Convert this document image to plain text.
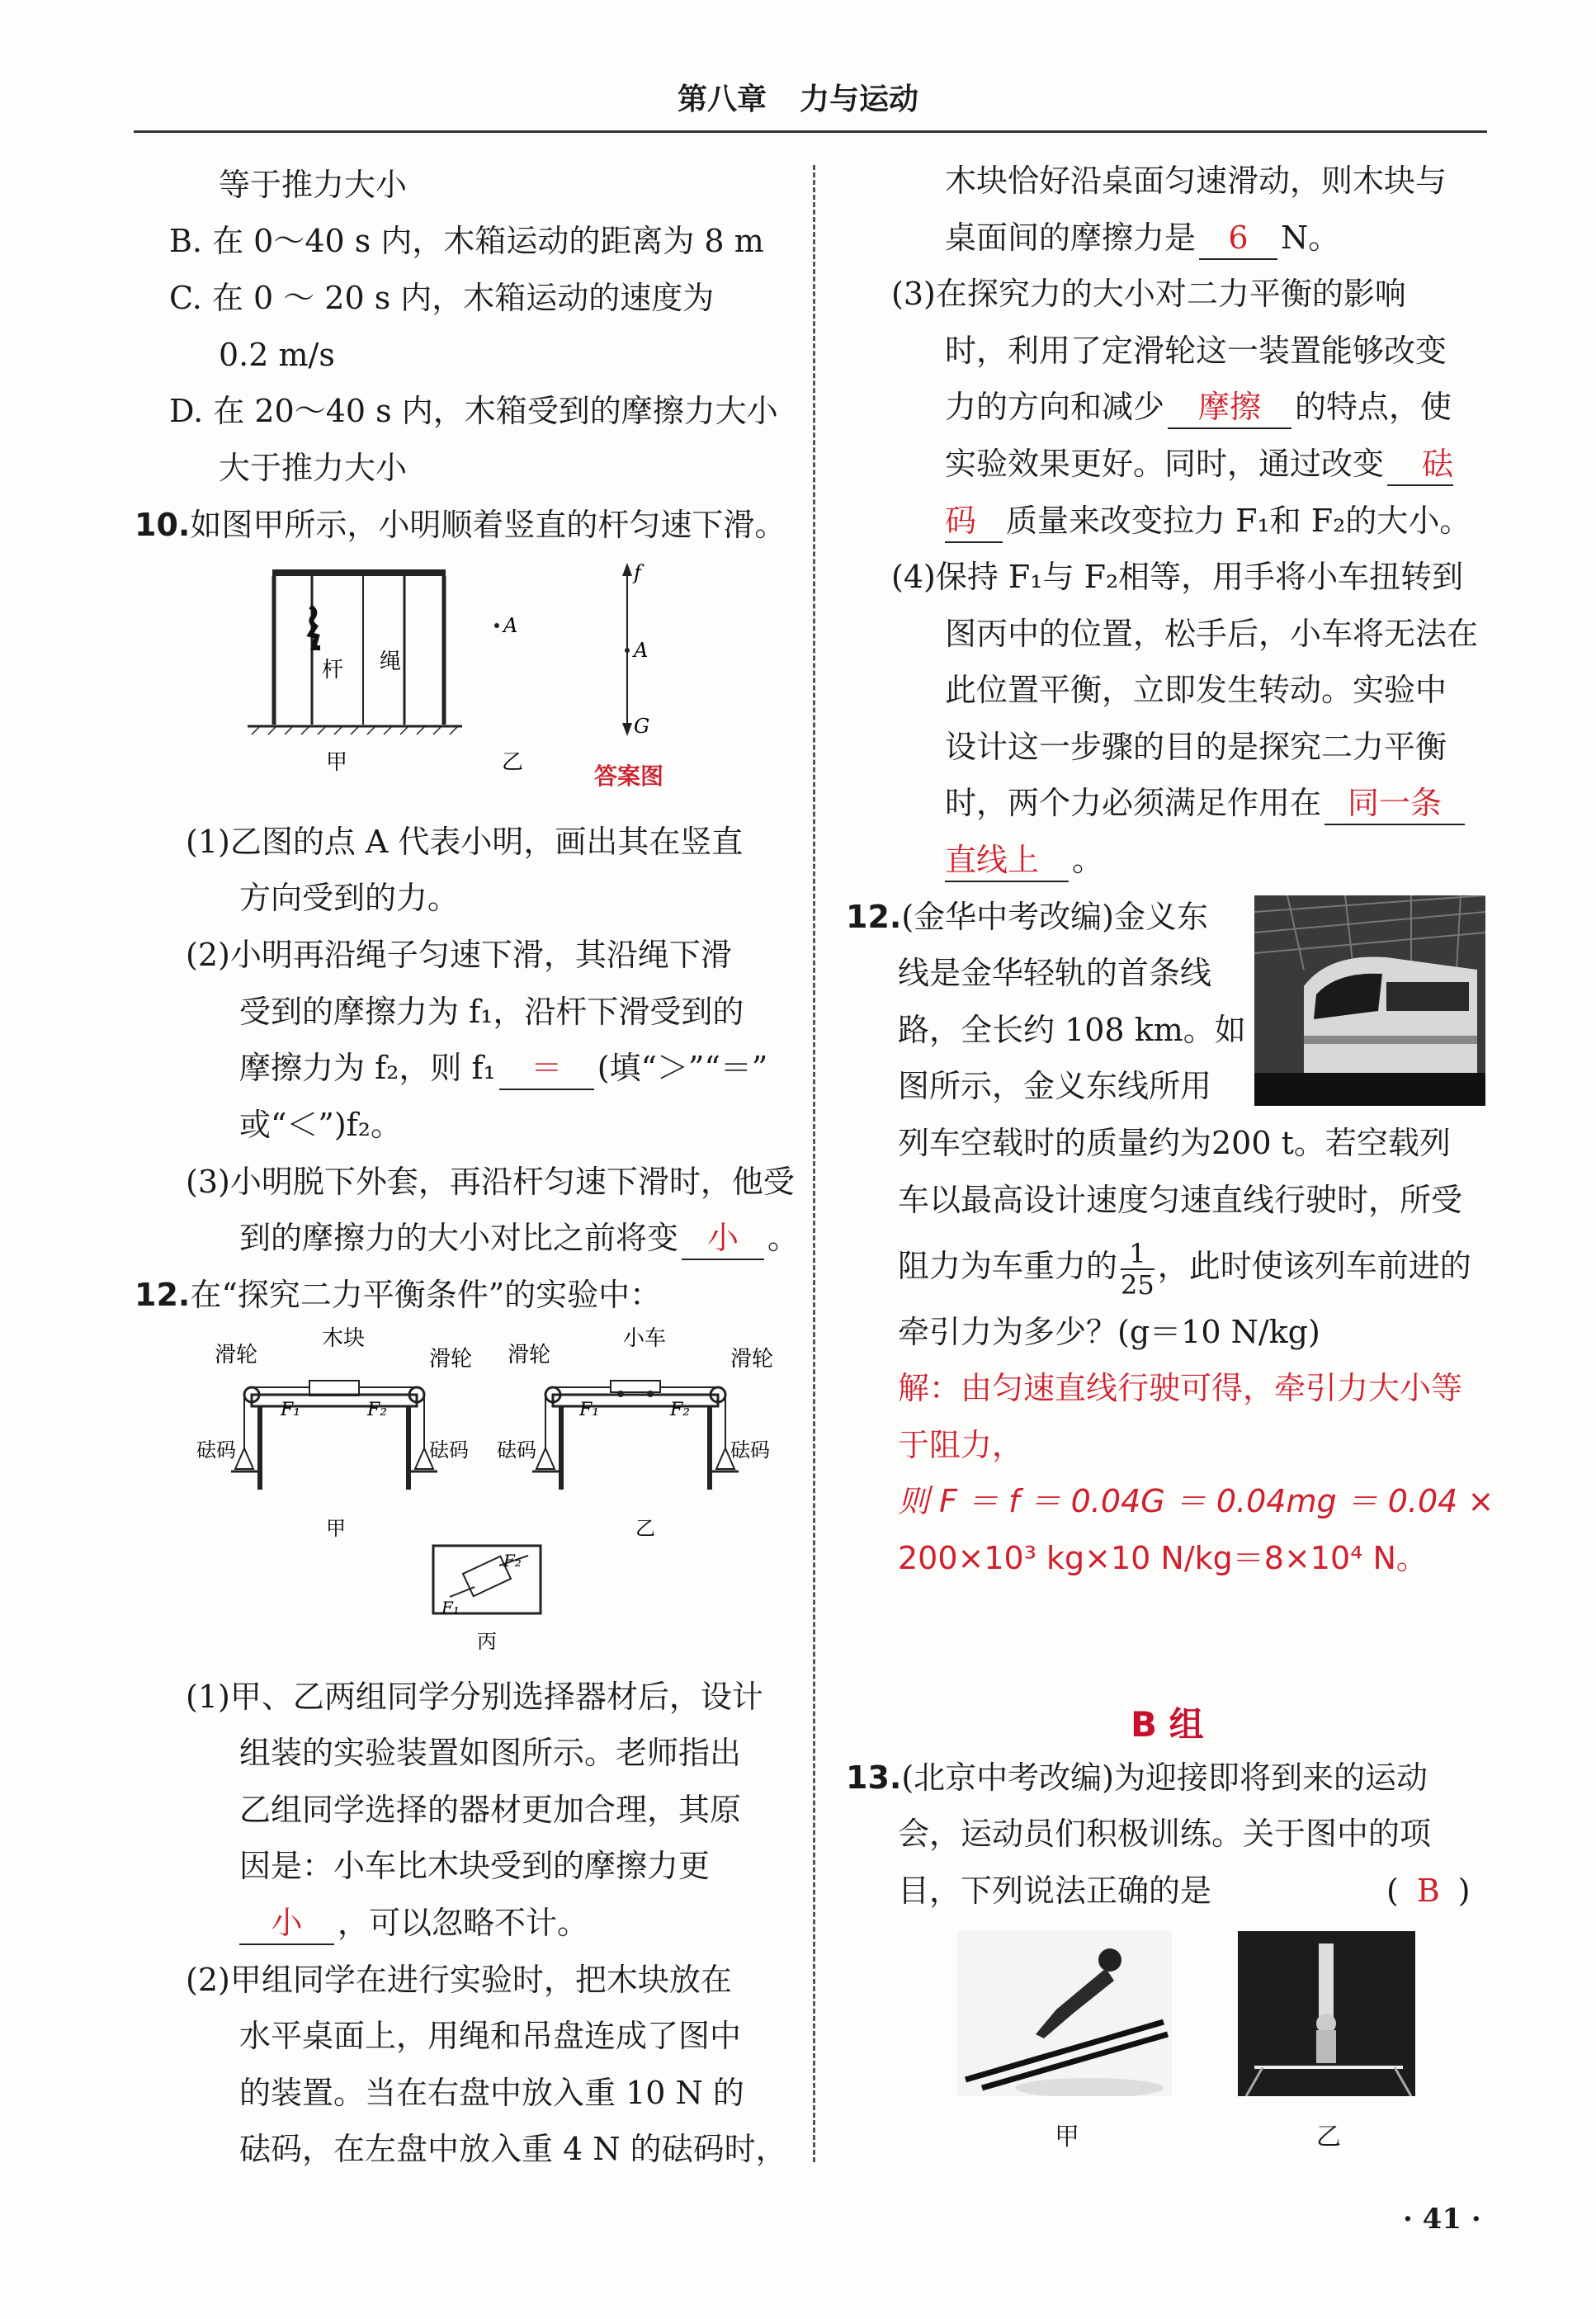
第八章 力与运动
等于推力大小
B. 在 0～40 s 内，木箱运动的距离为 8 m
C. 在 0 ～ 20 s 内，木箱运动的速度为
0.2 m/s
D. 在 20～40 s 内，木箱受到的摩擦力大小
大于推力大小
10.如图甲所示，小明顺着竖直的杆匀速下滑。
杆 绳
A
f
A
G
甲	乙	答案图
(1)乙图的点 A 代表小明，画出其在竖直
方向受到的力。
(2)小明再沿绳子匀速下滑，其沿绳下滑
受到的摩擦力为 f₁，沿杆下滑受到的
摩擦力为 f₂，则 f₁ ＝ (填“＞”“＝”
或“＜”)f₂。
(3)小明脱下外套，再沿杆匀速下滑时，他受
到的摩擦力的大小对比之前将变 小 。
12.在“探究二力平衡条件”的实验中：
滑轮
木块
滑轮
F₁	F₂
砝码	砝码
甲
滑轮
小车
滑轮
F₁	F₂
砝码	砝码
乙
F₁
F₂
丙
(1)甲、乙两组同学分别选择器材后，设计
组装的实验装置如图所示。老师指出
乙组同学选择的器材更加合理，其原
因是：小车比木块受到的摩擦力更
小 ，可以忽略不计。
(2)甲组同学在进行实验时，把木块放在
水平桌面上，用绳和吊盘连成了图中
的装置。当在右盘中放入重 10 N 的
砝码，在左盘中放入重 4 N 的砝码时，
木块恰好沿桌面匀速滑动，则木块与
桌面间的摩擦力是 6 N。
(3)在探究力的大小对二力平衡的影响
时，利用了定滑轮这一装置能够改变
力的方向和减少 摩擦 的特点，使
实验效果更好。同时，通过改变 砝
码 质量来改变拉力 F₁和 F₂的大小。
(4)保持 F₁与 F₂相等，用手将小车扭转到
图丙中的位置，松手后，小车将无法在
此位置平衡，立即发生转动。实验中
设计这一步骤的目的是探究二力平衡
时，两个力必须满足作用在 同一条
直线上 。
12.(金华中考改编)金义东
线是金华轻轨的首条线
路，全长约 108 km。如
图所示，金义东线所用
列车空载时的质量约为200 t。若空载列
车以最高设计速度匀速直线行驶时，所受
阻力为车重力的 $\frac{1}{25}$ ，此时使该列车前进的
牵引力为多少？(g＝10 N/kg)
解：由匀速直线行驶可得，牵引力大小等
于阻力，
则 F ＝ f ＝ 0.04G ＝ 0.04mg ＝ 0.04 ×
200×10³ kg×10 N/kg＝8×10⁴ N。
B 组
13.(北京中考改编)为迎接即将到来的运动
会，运动员们积极训练。关于图中的项
目，下列说法正确的是	( B )
甲	乙
· 41 ·
